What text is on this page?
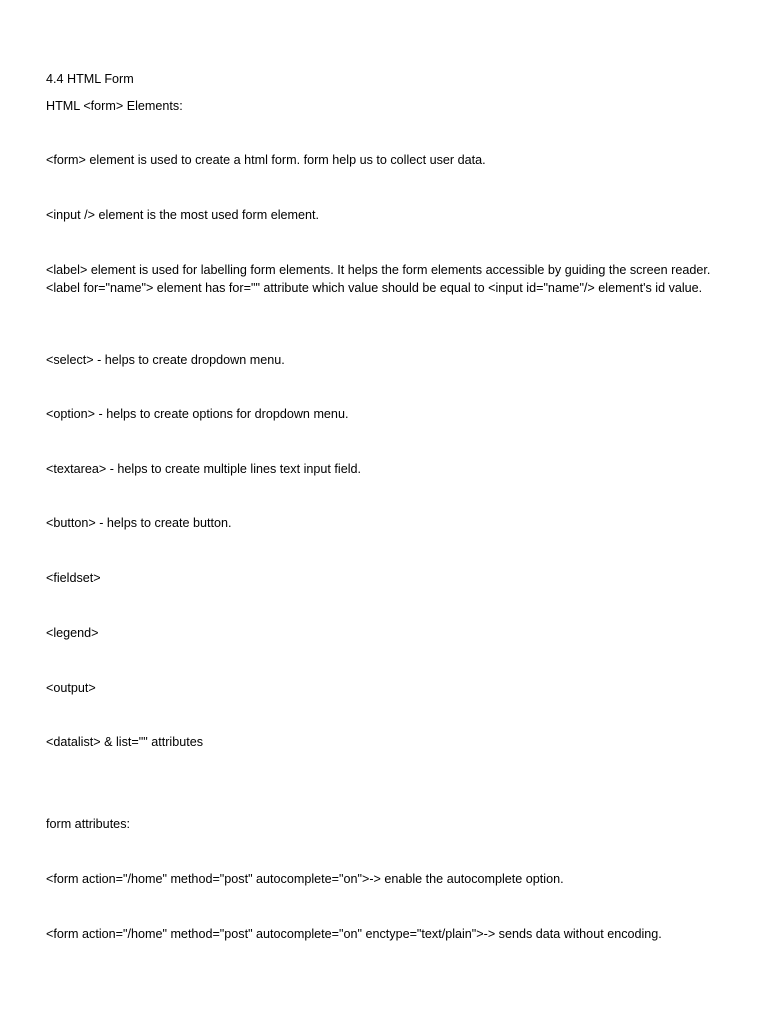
4.4 HTML Form

HTML <form> Elements:

<form> element is used to create a html form. form help us to collect user data.

<input /> element is the most used form element.

<label> element is used for labelling form elements. It helps the form elements accessible by guiding the screen reader. <label for="name"> element has for="" attribute which value should be equal to <input id="name"/> element's id value.

<select> - helps to create dropdown menu.

<option> - helps to create options for dropdown menu.

<textarea> - helps to create multiple lines text input field.

<button> - helps to create button.

<fieldset>

<legend>

<output>

<datalist> & list="" attributes

form attributes:

<form action="/home" method="post" autocomplete="on">-> enable the autocomplete option.

<form action="/home" method="post" autocomplete="on" enctype="text/plain">-> sends data without encoding.
